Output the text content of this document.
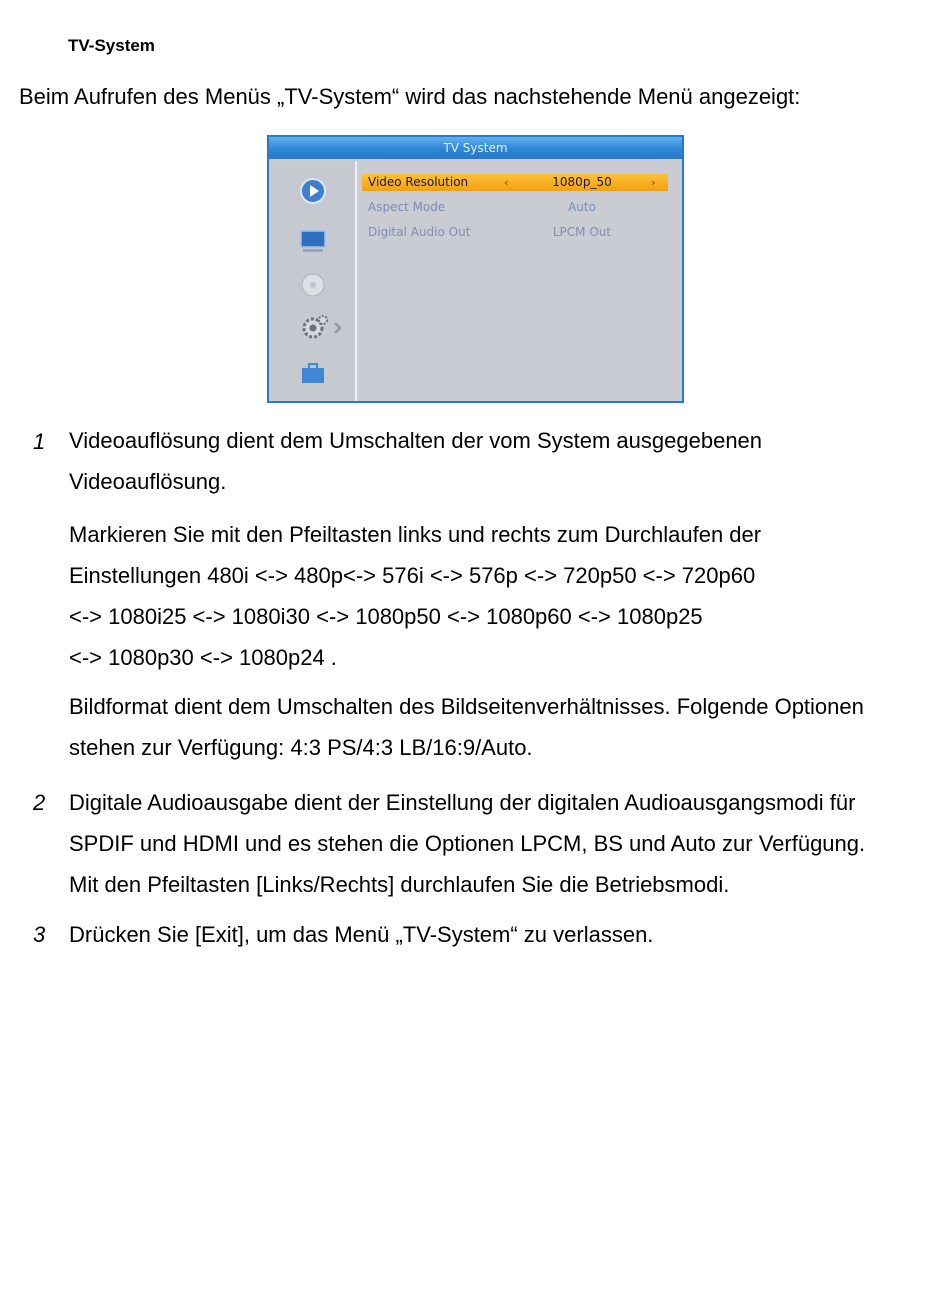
TV-System
Beim Aufrufen des Menüs „TV-System“ wird das nachstehende Menü angezeigt:
TV System
‹	›
Video Resolution	1080p_50
Aspect Mode	Auto
Digital Audio Out	LPCM Out
1	Videoauflösung dient dem Umschalten der vom System ausgegebenen
Videoauflösung.
Markieren Sie mit den Pfeiltasten links und rechts zum Durchlaufen der
Einstellungen 480i <-> 480p<-> 576i <-> 576p <-> 720p50 <-> 720p60
<-> 1080i25 <-> 1080i30 <-> 1080p50 <-> 1080p60 <-> 1080p25
<-> 1080p30 <-> 1080p24 .
Bildformat dient dem Umschalten des Bildseitenverhältnisses. Folgende Optionen
stehen zur Verfügung: 4:3 PS/4:3 LB/16:9/Auto.
2	Digitale Audioausgabe dient der Einstellung der digitalen Audioausgangsmodi für
SPDIF und HDMI und es stehen die Optionen LPCM, BS und Auto zur Verfügung.
Mit den Pfeiltasten [Links/Rechts] durchlaufen Sie die Betriebsmodi.
3	Drücken Sie [Exit], um das Menü „TV-System“ zu verlassen.
